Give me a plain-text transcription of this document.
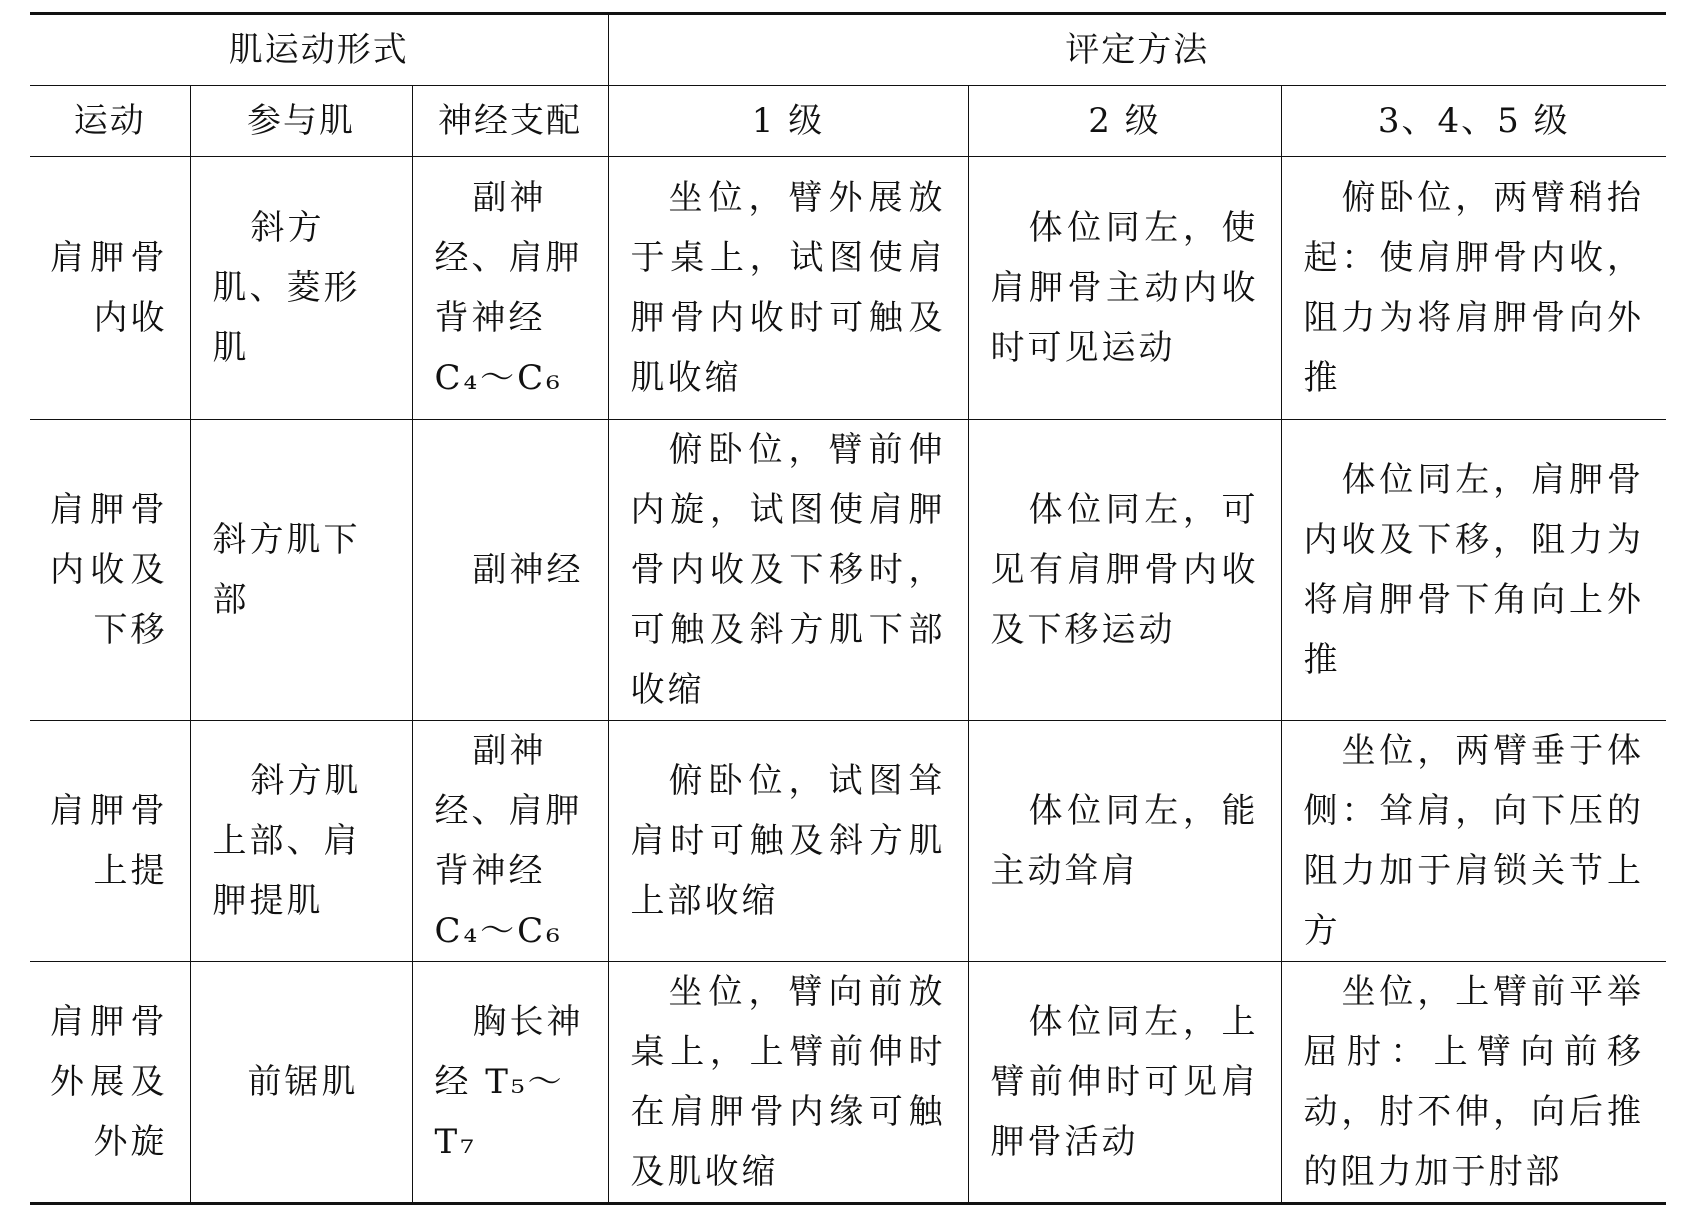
肌运动形式			评定方法		
运动	参与肌	神经支配	1 级	2 级	3、4、5 级
肩胛骨内收	斜方肌、菱形肌	副神经、肩胛背神经 C₄～C₆	坐位，臂外展放于桌上，试图使肩胛骨内收时可触及肌收缩	体位同左，使肩胛骨主动内收时可见运动	俯卧位，两臂稍抬起：使肩胛骨内收，阻力为将肩胛骨向外推

肩胛骨内收及下移	斜方肌下部	副神经	俯卧位，臂前伸内旋，试图使肩胛骨内收及下移时，可触及斜方肌下部收缩	体位同左，可见有肩胛骨内收及下移运动	体位同左，肩胛骨内收及下移，阻力为将肩胛骨下角向上外推

肩胛骨上提	斜方肌上部、肩胛提肌	副神经、肩胛背神经 C₄～C₆	俯卧位，试图耸肩时可触及斜方肌上部收缩	体位同左，能主动耸肩	坐位，两臂垂于体侧：耸肩，向下压的阻力加于肩锁关节上方

肩胛骨外展及外旋	前锯肌	胸长神经 T₅～T₇	坐位，臂向前放桌上，上臂前伸时在肩胛骨内缘可触及肌收缩	体位同左，上臂前伸时可见肩胛骨活动	坐位，上臂前平举屈肘：上臂向前移动，肘不伸，向后推的阻力加于肘部
